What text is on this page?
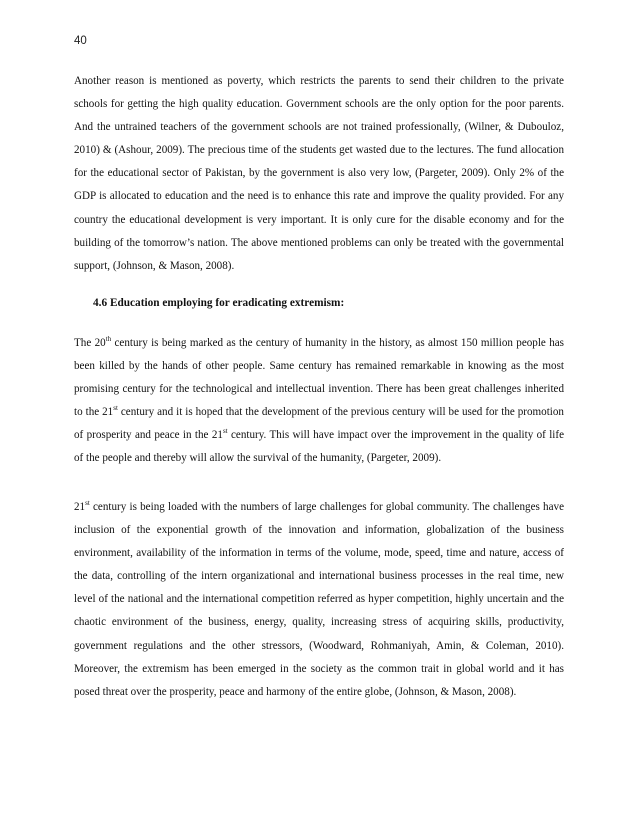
40

Another reason is mentioned as poverty, which restricts the parents to send their children to the private schools for getting the high quality education. Government schools are the only option for the poor parents. And the untrained teachers of the government schools are not trained professionally, (Wilner, & Dubouloz, 2010) & (Ashour, 2009). The precious time of the students get wasted due to the lectures. The fund allocation for the educational sector of Pakistan, by the government is also very low, (Pargeter, 2009). Only 2% of the GDP is allocated to education and the need is to enhance this rate and improve the quality provided. For any country the educational development is very important. It is only cure for the disable economy and for the building of the tomorrow’s nation. The above mentioned problems can only be treated with the governmental support, (Johnson, & Mason, 2008).

4.6 Education employing for eradicating extremism:

The 20th century is being marked as the century of humanity in the history, as almost 150 million people has been killed by the hands of other people. Same century has remained remarkable in knowing as the most promising century for the technological and intellectual invention. There has been great challenges inherited to the 21st century and it is hoped that the development of the previous century will be used for the promotion of prosperity and peace in the 21st century. This will have impact over the improvement in the quality of life of the people and thereby will allow the survival of the humanity, (Pargeter, 2009).

21st century is being loaded with the numbers of large challenges for global community. The challenges have inclusion of the exponential growth of the innovation and information, globalization of the business environment, availability of the information in terms of the volume, mode, speed, time and nature, access of the data, controlling of the intern organizational and international business processes in the real time, new level of the national and the international competition referred as hyper competition, highly uncertain and the chaotic environment of the business, energy, quality, increasing stress of acquiring skills, productivity, government regulations and the other stressors, (Woodward, Rohmaniyah, Amin, & Coleman, 2010). Moreover, the extremism has been emerged in the society as the common trait in global world and it has posed threat over the prosperity, peace and harmony of the entire globe, (Johnson, & Mason, 2008).
